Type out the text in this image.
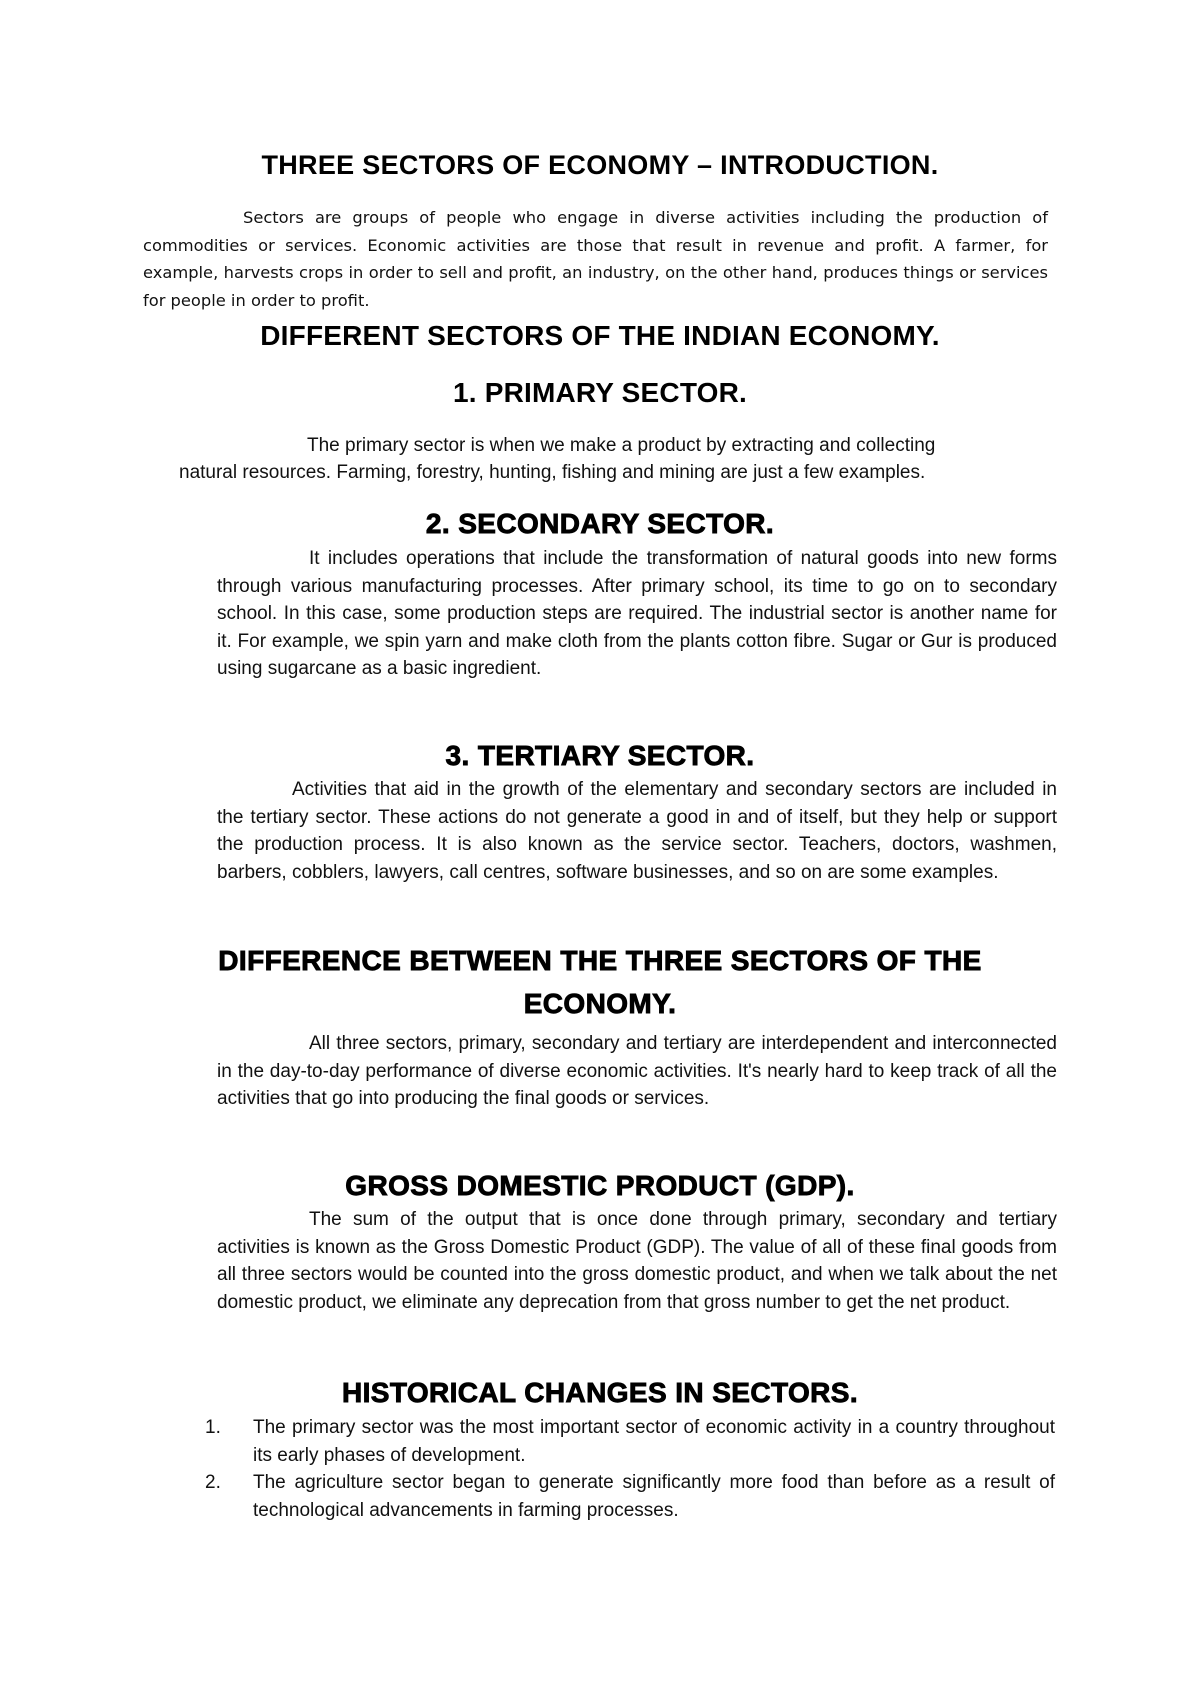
THREE SECTORS OF ECONOMY – INTRODUCTION.

Sectors are groups of people who engage in diverse activities including the production of commodities or services. Economic activities are those that result in revenue and profit. A farmer, for example, harvests crops in order to sell and profit, an industry, on the other hand, produces things or services for people in order to profit.

DIFFERENT SECTORS OF THE INDIAN ECONOMY.
1. PRIMARY SECTOR.

The primary sector is when we make a product by extracting and collecting

natural resources. Farming, forestry, hunting, fishing and mining are just a few examples.

2. SECONDARY SECTOR.

It includes operations that include the transformation of natural goods into new forms through various manufacturing processes. After primary school, its time to go on to secondary school. In this case, some production steps are required. The industrial sector is another name for it. For example, we spin yarn and make cloth from the plants cotton fibre. Sugar or Gur is produced using sugarcane as a basic ingredient.

3. TERTIARY SECTOR.

Activities that aid in the growth of the elementary and secondary sectors are included in the tertiary sector. These actions do not generate a good in and of itself, but they help or support the production process. It is also known as the service sector. Teachers, doctors, washmen, barbers, cobblers, lawyers, call centres, software businesses, and so on are some examples.

DIFFERENCE BETWEEN THE THREE SECTORS OF THE
ECONOMY.

All three sectors, primary, secondary and tertiary are interdependent and interconnected in the day-to-day performance of diverse economic activities. It's nearly hard to keep track of all the activities that go into producing the final goods or services.

GROSS DOMESTIC PRODUCT (GDP).

The sum of the output that is once done through primary, secondary and tertiary activities is known as the Gross Domestic Product (GDP). The value of all of these final goods from all three sectors would be counted into the gross domestic product, and when we talk about the net domestic product, we eliminate any deprecation from that gross number to get the net product.

HISTORICAL CHANGES IN SECTORS.
1. The primary sector was the most important sector of economic activity in a country throughout its early phases of development.
2. The agriculture sector began to generate significantly more food than before as a result of technological advancements in farming processes.
